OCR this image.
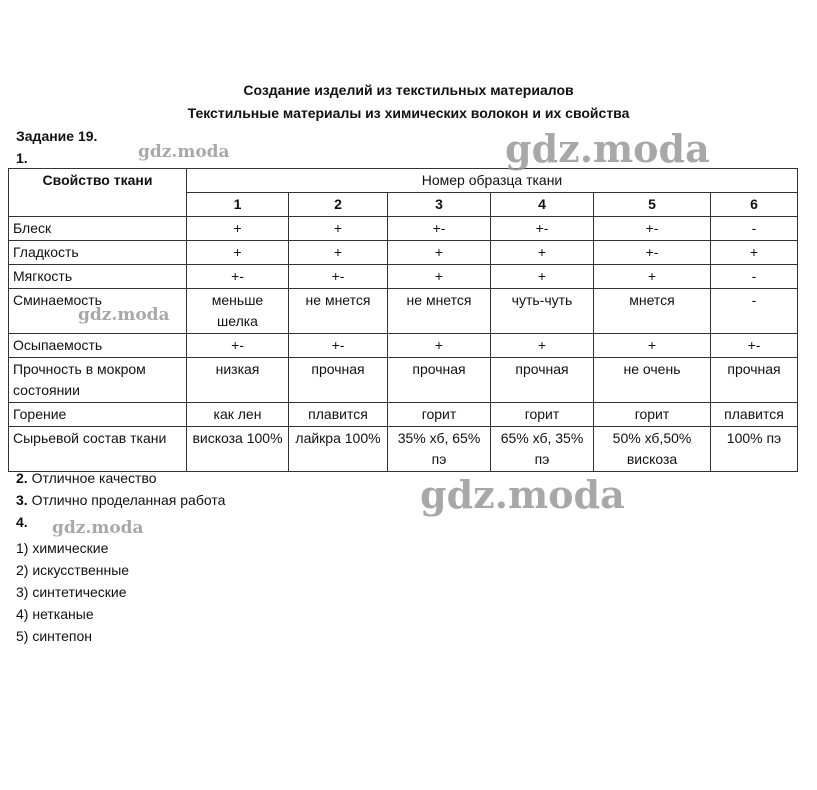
Создание изделий из текстильных материалов
Текстильные материалы из химических волокон и их свойства
Задание 19.
1.
Свойство ткани	Номер образца ткани					
	1	2	3	4	5	6
Блеск	+	+	+-	+-	+-	-
Гладкость	+	+	+	+	+-	+
Мягкость	+-	+-	+	+	+	-
Сминаемость	меньше шелка	не мнется	не мнется	чуть-чуть	мнется	-
Осыпаемость	+-	+-	+	+	+	+-
Прочность в мокром состоянии	низкая	прочная	прочная	прочная	не очень	прочная
Горение	как лен	плавится	горит	горит	горит	плавится
Сырьевой состав ткани	вискоза 100%	лайкра 100%	35% хб, 65% пэ	65% хб, 35% пэ	50% хб,50% вискоза	100% пэ
2. Отличное качество
3. Отлично проделанная работа
4.
1) химические
2) искусственные
3) синтетические
4) нетканые
5) синтепон
gdz.moda	gdz.moda
gdz.moda
gdz.moda
gdz.moda
